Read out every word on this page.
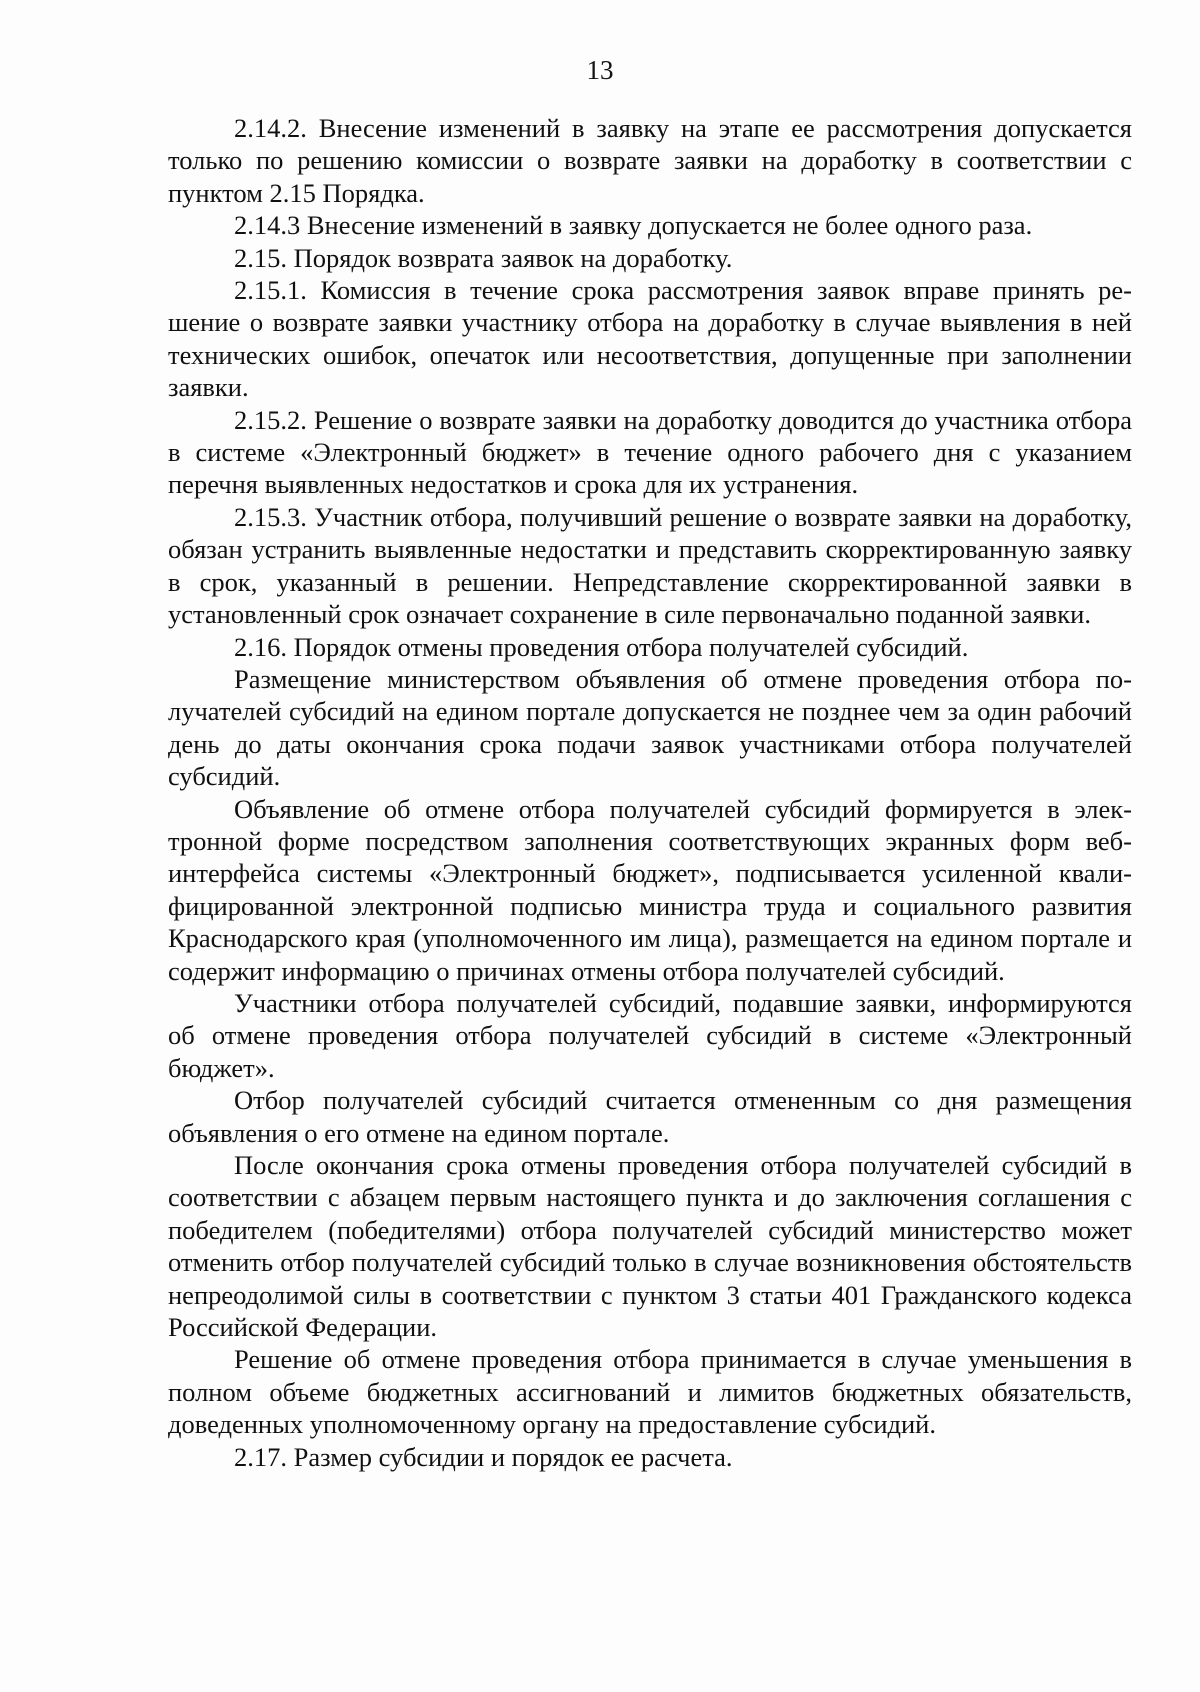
13

2.14.2. Внесение изменений в заявку на этапе ее рассмотрения допускается только по решению комиссии о возврате заявки на доработку в соответствии с пунктом 2.15 Порядка.

2.14.3 Внесение изменений в заявку допускается не более одного раза.

2.15. Порядок возврата заявок на доработку.

2.15.1. Комиссия в течение срока рассмотрения заявок вправе принять решение о возврате заявки участнику отбора на доработку в случае выявления в ней технических ошибок, опечаток или несоответствия, допущенные при заполнении заявки.

2.15.2. Решение о возврате заявки на доработку доводится до участника отбора в системе «Электронный бюджет» в течение одного рабочего дня с указанием перечня выявленных недостатков и срока для их устранения.

2.15.3. Участник отбора, получивший решение о возврате заявки на доработку, обязан устранить выявленные недостатки и представить скорректированную заявку в срок, указанный в решении. Непредставление скорректированной заявки в установленный срок означает сохранение в силе первоначально поданной заявки.

2.16. Порядок отмены проведения отбора получателей субсидий.

Размещение министерством объявления об отмене проведения отбора получателей субсидий на едином портале допускается не позднее чем за один рабочий день до даты окончания срока подачи заявок участниками отбора получателей субсидий.

Объявление об отмене отбора получателей субсидий формируется в электронной форме посредством заполнения соответствующих экранных форм веб-интерфейса системы «Электронный бюджет», подписывается усиленной квалифицированной электронной подписью министра труда и социального развития Краснодарского края (уполномоченного им лица), размещается на едином портале и содержит информацию о причинах отмены отбора получателей субсидий.

Участники отбора получателей субсидий, подавшие заявки, информируются об отмене проведения отбора получателей субсидий в системе «Электронный бюджет».

Отбор получателей субсидий считается отмененным со дня размещения объявления о его отмене на едином портале.

После окончания срока отмены проведения отбора получателей субсидий в соответствии с абзацем первым настоящего пункта и до заключения соглашения с победителем (победителями) отбора получателей субсидий министерство может отменить отбор получателей субсидий только в случае возникновения обстоятельств непреодолимой силы в соответствии с пунктом 3 статьи 401 Гражданского кодекса Российской Федерации.

Решение об отмене проведения отбора принимается в случае уменьшения в полном объеме бюджетных ассигнований и лимитов бюджетных обязательств, доведенных уполномоченному органу на предоставление субсидий.

2.17. Размер субсидии и порядок ее расчета.
